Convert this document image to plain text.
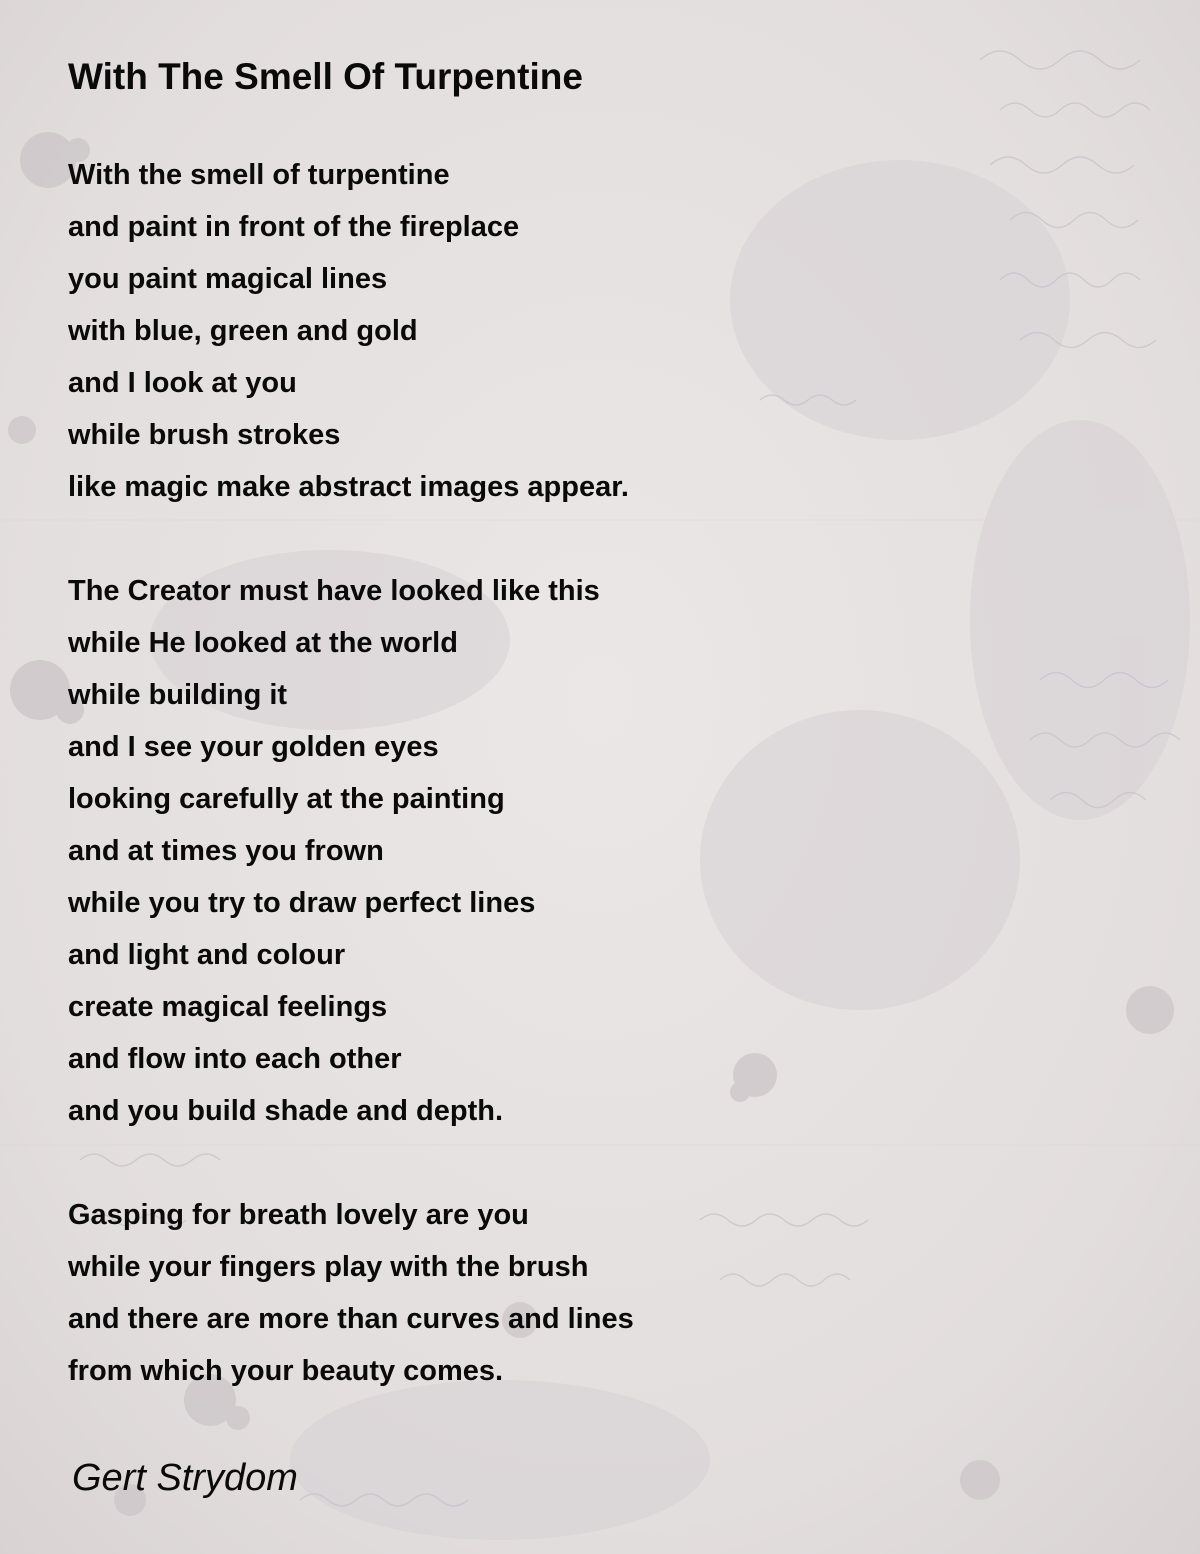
With The Smell Of Turpentine
With the smell of turpentine
and paint in front of the fireplace
you paint magical lines
with blue, green and gold
and I look at you
while brush strokes
like magic make abstract images appear.
The Creator must have looked like this
while He looked at the world
while building it
and I see your golden eyes
looking carefully at the painting
and at times you frown
while you try to draw perfect lines
and light and colour
create magical feelings
and flow into each other
and you build shade and depth.
Gasping for breath lovely are you
while your fingers play with the brush
and there are more than curves and lines
from which your beauty comes.
Gert Strydom
